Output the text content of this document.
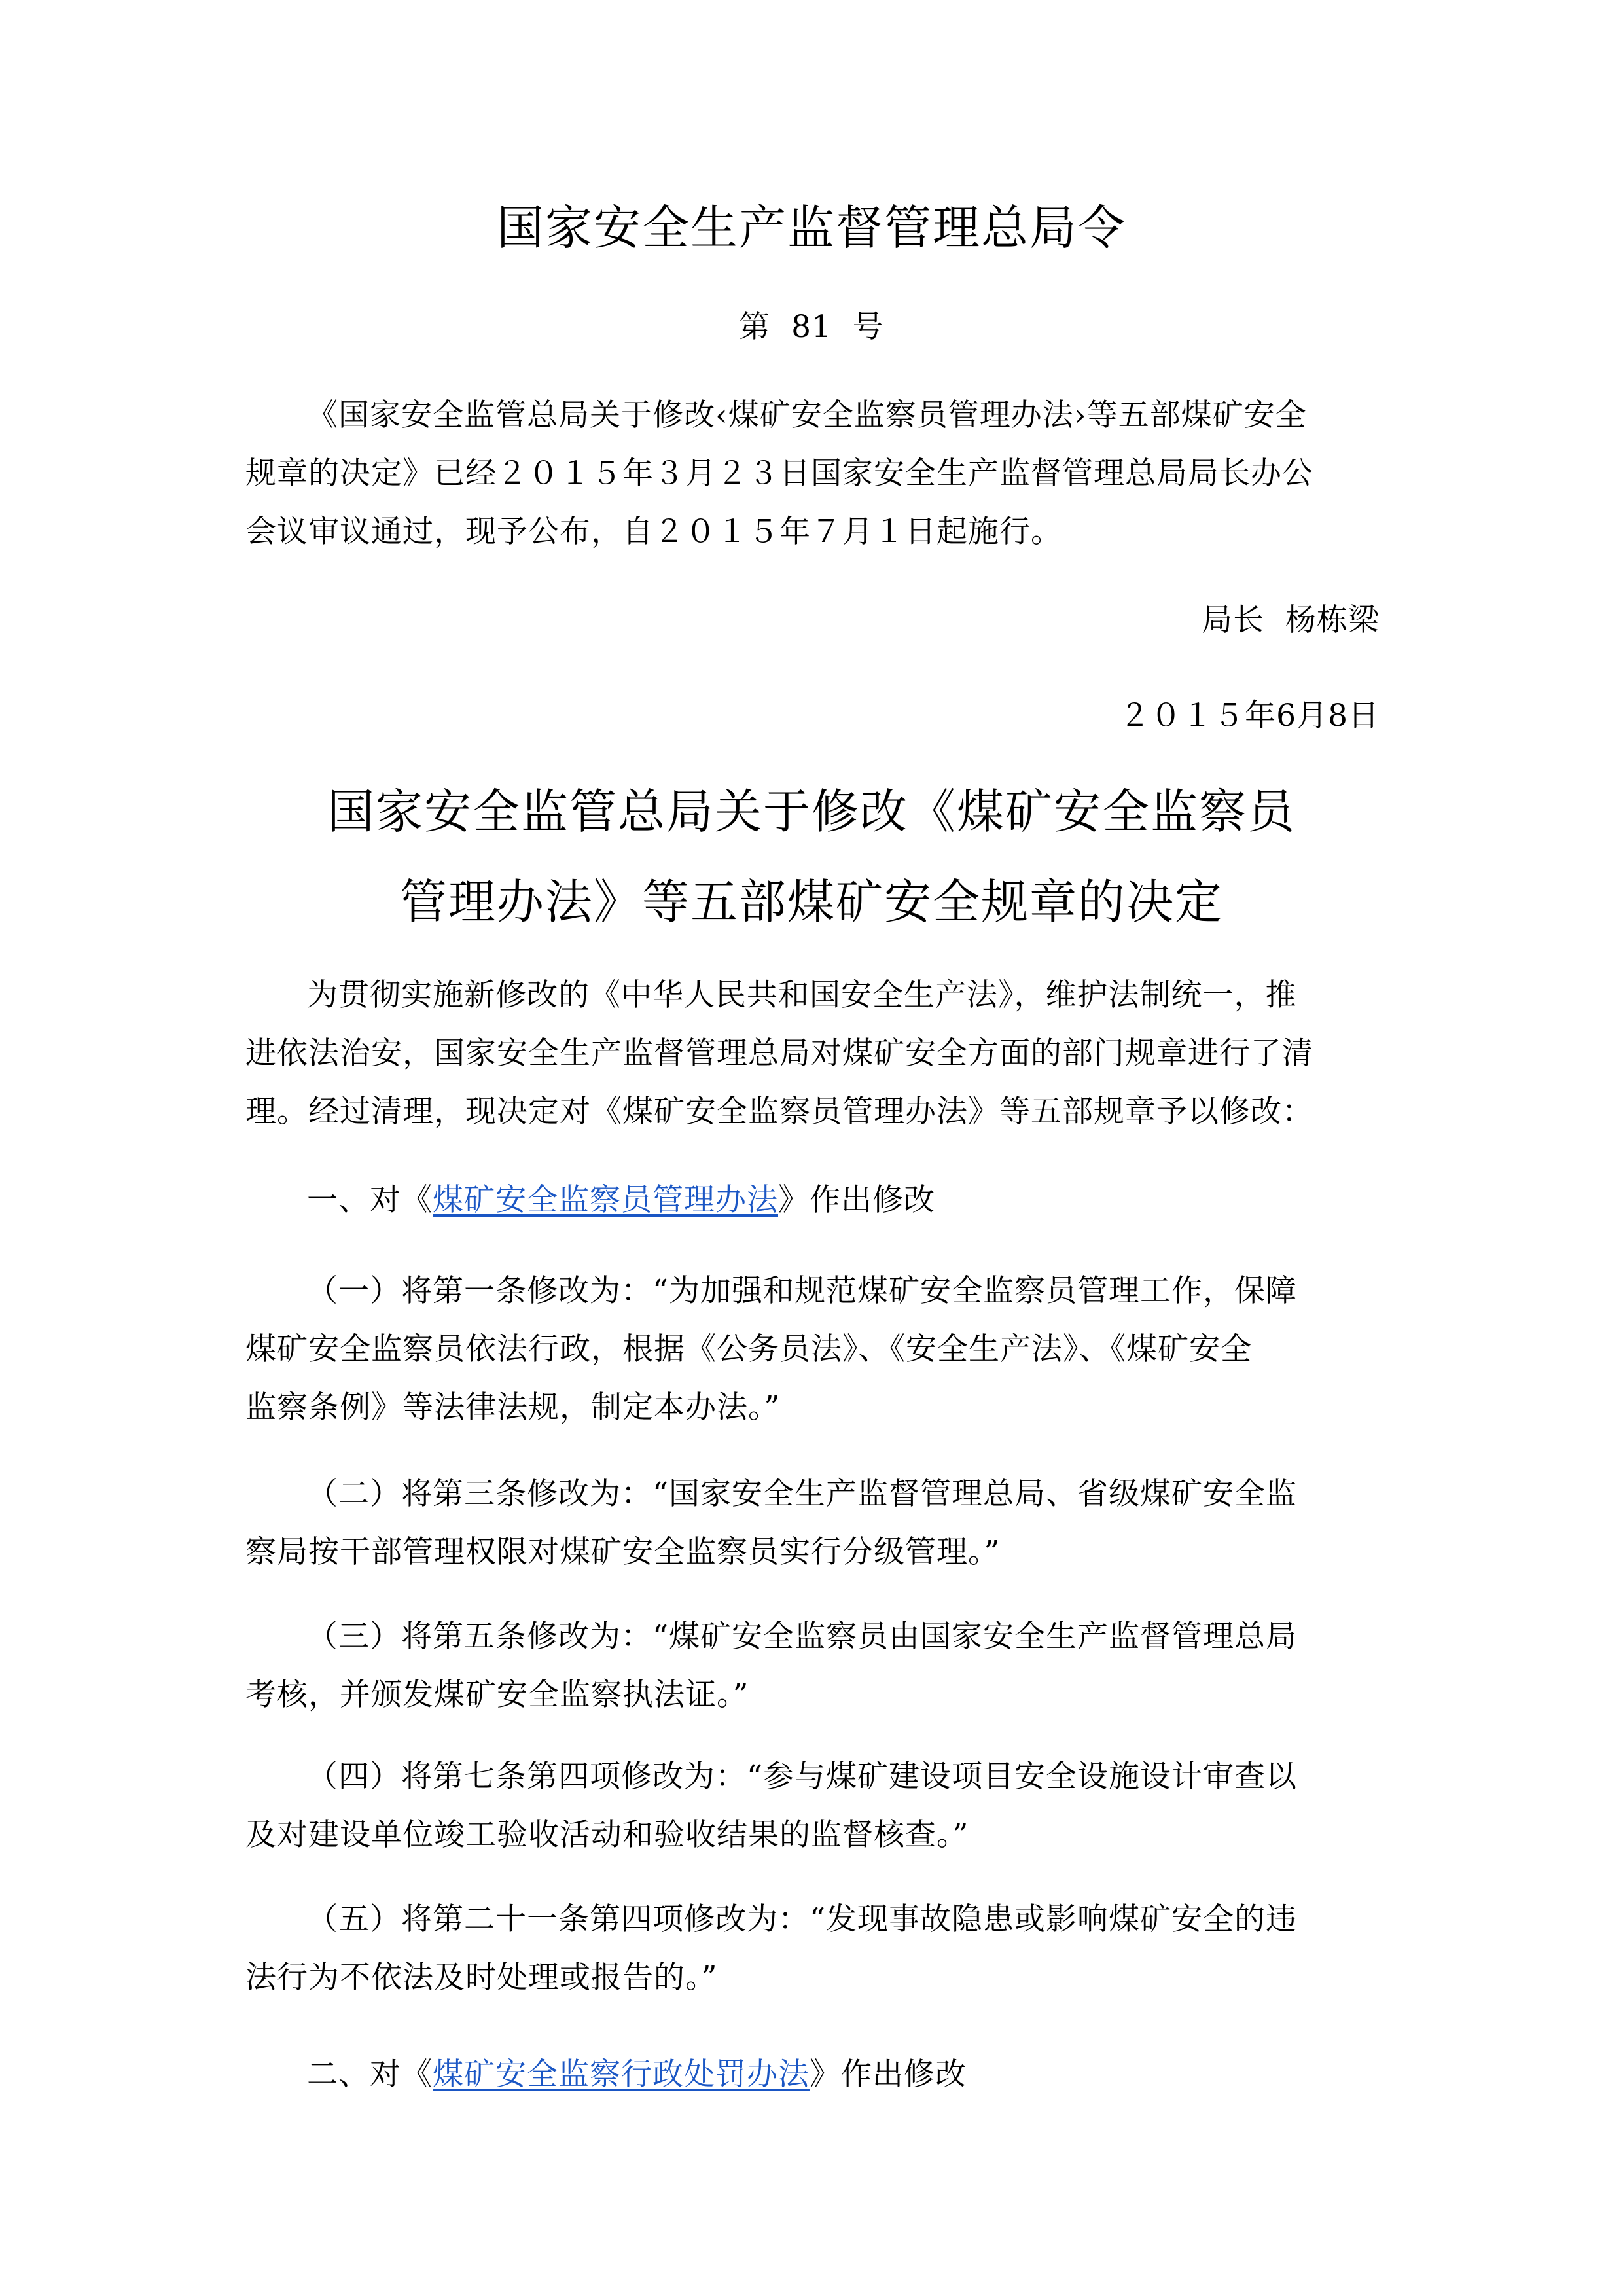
国家安全生产监督管理总局令
第  81  号
《国家安全监管总局关于修改‹煤矿安全监察员管理办法›等五部煤矿安全
规章的决定》已经２０１５年３月２３日国家安全生产监督管理总局局长办公
会议审议通过，现予公布，自２０１５年７月１日起施行。
局长  杨栋梁
２０１５年6月8日
国家安全监管总局关于修改《煤矿安全监察员
管理办法》等五部煤矿安全规章的决定
为贯彻实施新修改的《中华人民共和国安全生产法》，维护法制统一，推
进依法治安，国家安全生产监督管理总局对煤矿安全方面的部门规章进行了清
理。经过清理，现决定对《煤矿安全监察员管理办法》等五部规章予以修改：
一、对《煤矿安全监察员管理办法》作出修改
（一）将第一条修改为：“为加强和规范煤矿安全监察员管理工作，保障
煤矿安全监察员依法行政，根据《公务员法》、《安全生产法》、《煤矿安全
监察条例》等法律法规，制定本办法。”
（二）将第三条修改为：“国家安全生产监督管理总局、省级煤矿安全监
察局按干部管理权限对煤矿安全监察员实行分级管理。”
（三）将第五条修改为：“煤矿安全监察员由国家安全生产监督管理总局
考核，并颁发煤矿安全监察执法证。”
（四）将第七条第四项修改为：“参与煤矿建设项目安全设施设计审查以
及对建设单位竣工验收活动和验收结果的监督核查。”
（五）将第二十一条第四项修改为：“发现事故隐患或影响煤矿安全的违
法行为不依法及时处理或报告的。”
二、对《煤矿安全监察行政处罚办法》作出修改
